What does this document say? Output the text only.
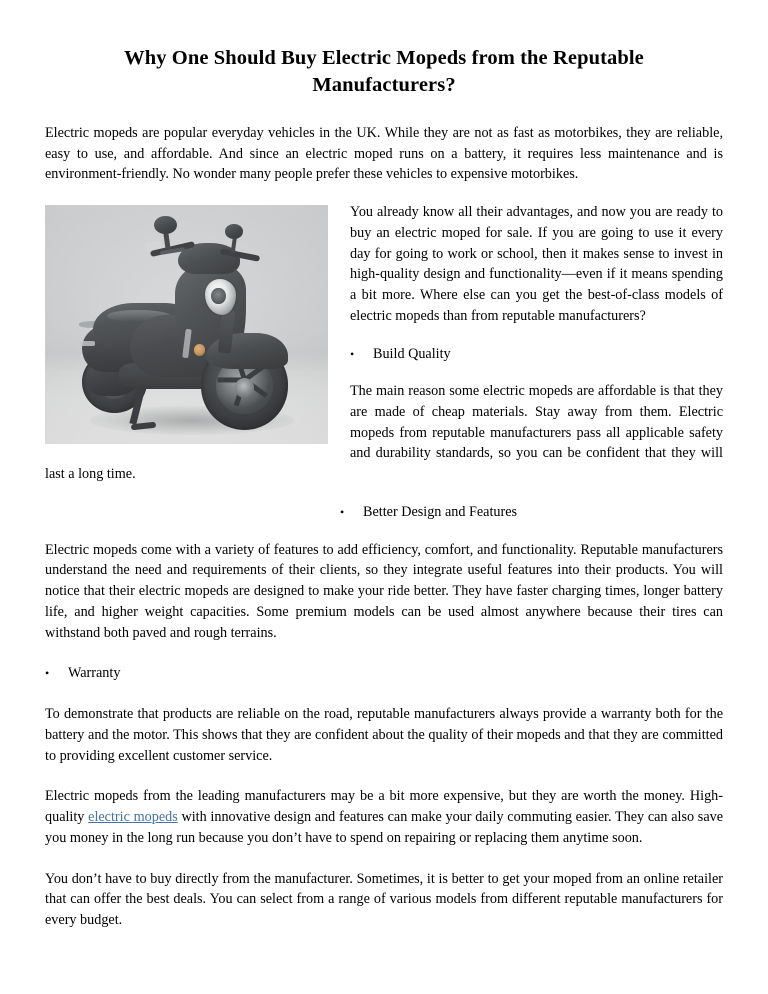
Why One Should Buy Electric Mopeds from the Reputable Manufacturers?

Electric mopeds are popular everyday vehicles in the UK. While they are not as fast as motorbikes, they are reliable, easy to use, and affordable. And since an electric moped runs on a battery, it requires less maintenance and is environment-friendly. No wonder many people prefer these vehicles to expensive motorbikes.

You already know all their advantages, and now you are ready to buy an electric moped for sale. If you are going to use it every day for going to work or school, then it makes sense to invest in high-quality design and functionality—even if it means spending a bit more. Where else can you get the best-of-class models of electric mopeds than from reputable manufacturers?

•	Build Quality

The main reason some electric mopeds are affordable is that they are made of cheap materials. Stay away from them. Electric mopeds from reputable manufacturers pass all applicable safety and durability standards, so you can be confident that they will last a long time.

•	Better Design and Features

Electric mopeds come with a variety of features to add efficiency, comfort, and functionality. Reputable manufacturers understand the need and requirements of their clients, so they integrate useful features into their products. You will notice that their electric mopeds are designed to make your ride better. They have faster charging times, longer battery life, and higher weight capacities. Some premium models can be used almost anywhere because their tires can withstand both paved and rough terrains.

•	Warranty

To demonstrate that products are reliable on the road, reputable manufacturers always provide a warranty both for the battery and the motor. This shows that they are confident about the quality of their mopeds and that they are committed to providing excellent customer service.

Electric mopeds from the leading manufacturers may be a bit more expensive, but they are worth the money. High-quality electric mopeds with innovative design and features can make your daily commuting easier. They can also save you money in the long run because you don’t have to spend on repairing or replacing them anytime soon.

You don’t have to buy directly from the manufacturer. Sometimes, it is better to get your moped from an online retailer that can offer the best deals. You can select from a range of various models from different reputable manufacturers for every budget.
